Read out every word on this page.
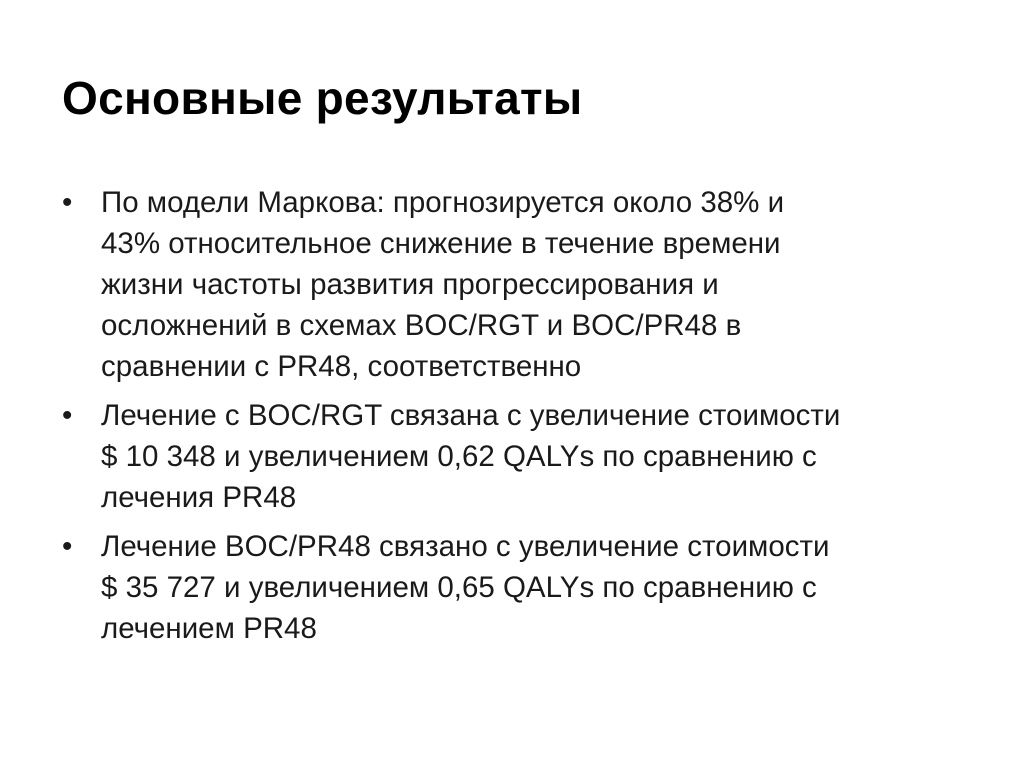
Основные результаты
• По модели Маркова: прогнозируется около 38% и
43% относительное снижение в течение времени
жизни частоты развития прогрессирования и
осложнений в схемах BOC/RGT и BOC/PR48 в
сравнении с PR48, соответственно
• Лечение с BOC/RGT связана с увеличение стоимости
$ 10 348 и увеличением 0,62 QALYs по сравнению с
лечения PR48
• Лечение BOC/PR48 связано с увеличение стоимости
$ 35 727 и увеличением 0,65 QALYs по сравнению с
лечением PR48
